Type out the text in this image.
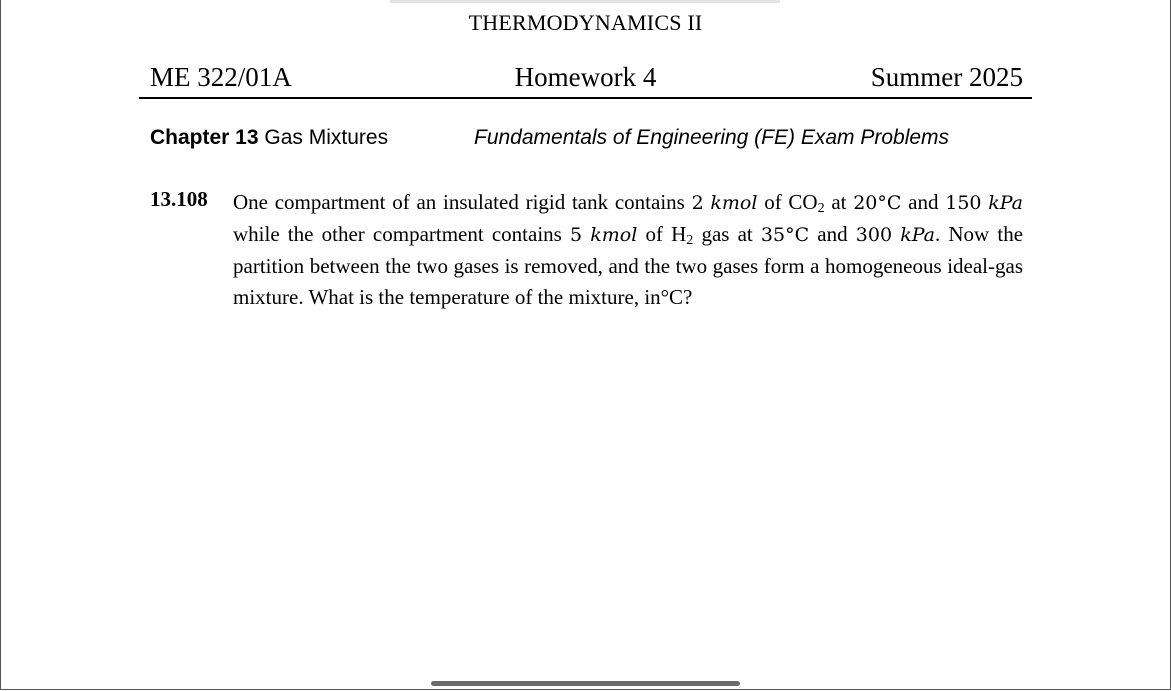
THERMODYNAMICS II
ME 322/01A	Homework 4	Summer 2025
Chapter 13 Gas Mixtures	Fundamentals of Engineering (FE) Exam Problems
13.108 One compartment of an insulated rigid tank contains 2 kmol of $CO_2$ at 20°C and 150 kPa while the other compartment contains 5 kmol of $H_2$ gas at 35°C and 300 kPa. Now the partition between the two gases is removed, and the two gases form a homogeneous ideal-gas mixture. What is the temperature of the mixture, in°C?
